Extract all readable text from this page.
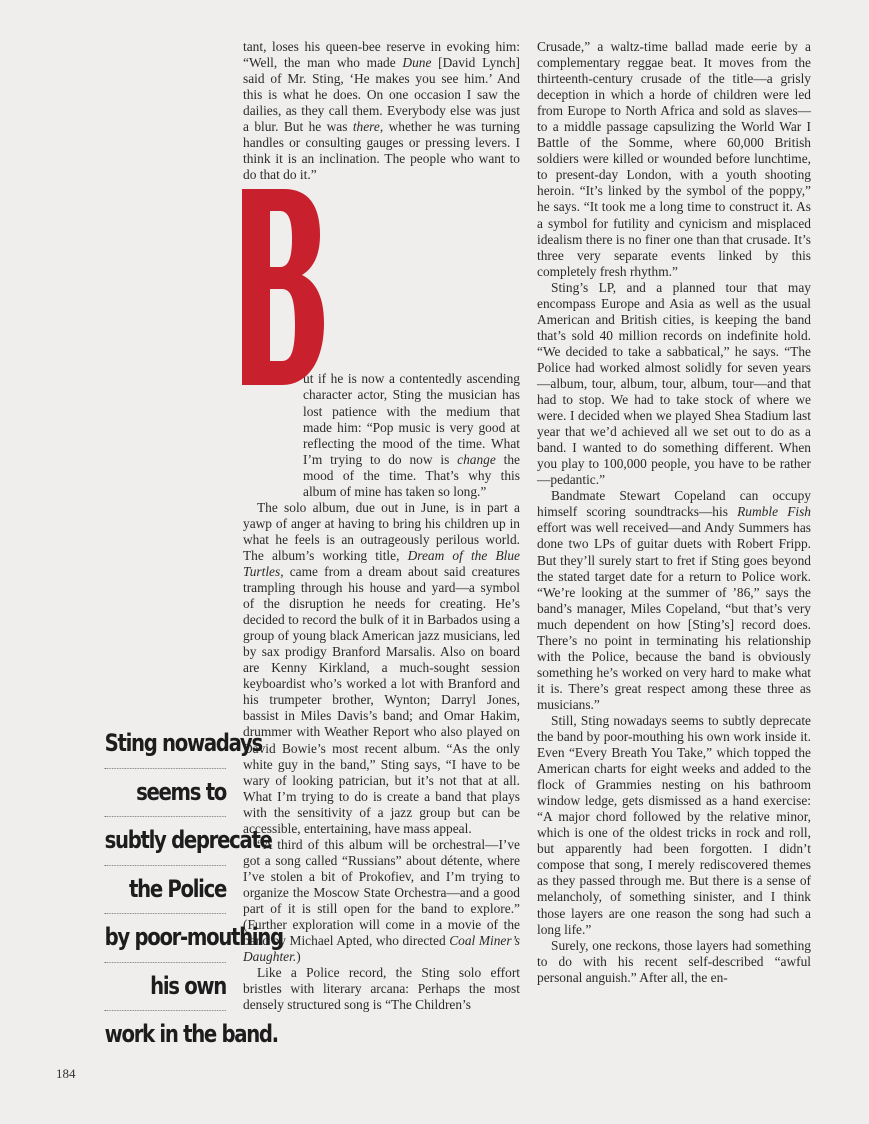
tant, loses his queen-bee reserve in evoking him: “Well, the man who made Dune [David Lynch] said of Mr. Sting, ‘He makes you see him.’ And this is what he does. On one occasion I saw the dailies, as they call them. Everybody else was just a blur. But he was there, whether he was turning handles or consulting gauges or pressing levers. I think it is an inclination. The people who want to do that do it.”

ut if he is now a contentedly ascending character actor, Sting the musician has lost patience with the medium that made him: “Pop music is very good at reflecting the mood of the time. What I’m trying to do now is change the mood of the time. That’s why this album of mine has taken so long.”

The solo album, due out in June, is in part a yawp of anger at having to bring his children up in what he feels is an outrageously perilous world. The album’s working title, Dream of the Blue Turtles, came from a dream about said creatures trampling through his house and yard—a symbol of the disruption he needs for creating. He’s decided to record the bulk of it in Barbados using a group of young black American jazz musicians, led by sax prodigy Branford Marsalis. Also on board are Kenny Kirkland, a much-sought session keyboardist who’s worked a lot with Branford and his trumpeter brother, Wynton; Darryl Jones, bassist in Miles Davis’s band; and Omar Hakim, drummer with Weather Report who also played on David Bowie’s most recent album. “As the only white guy in the band,” Sting says, “I have to be wary of looking patrician, but it’s not that at all. What I’m trying to do is create a band that plays with the sensitivity of a jazz group but can be accessible, entertaining, have mass appeal.

“A third of this album will be orchestral—I’ve got a song called “Russians” about détente, where I’ve stolen a bit of Prokofiev, and I’m trying to organize the Moscow State Orchestra—and a good part of it is still open for the band to explore.” (Further exploration will come in a movie of the band by Michael Apted, who directed Coal Miner’s Daughter.)

Like a Police record, the Sting solo effort bristles with literary arcana: Perhaps the most densely structured song is “The Children’s

Crusade,” a waltz-time ballad made eerie by a complementary reggae beat. It moves from the thirteenth-century crusade of the title—a grisly deception in which a horde of children were led from Europe to North Africa and sold as slaves—to a middle passage capsulizing the World War I Battle of the Somme, where 60,000 British soldiers were killed or wounded before lunchtime, to present-day London, with a youth shooting heroin. “It’s linked by the symbol of the poppy,” he says. “It took me a long time to construct it. As a symbol for futility and cynicism and misplaced idealism there is no finer one than that crusade. It’s three very separate events linked by this completely fresh rhythm.”

Sting’s LP, and a planned tour that may encompass Europe and Asia as well as the usual American and British cities, is keeping the band that’s sold 40 million records on indefinite hold. “We decided to take a sabbatical,” he says. “The Police had worked almost solidly for seven years—album, tour, album, tour, album, tour—and that had to stop. We had to take stock of where we were. I decided when we played Shea Stadium last year that we’d achieved all we set out to do as a band. I wanted to do something different. When you play to 100,000 people, you have to be rather—pedantic.”

Bandmate Stewart Copeland can occupy himself scoring soundtracks—his Rumble Fish effort was well received—and Andy Summers has done two LPs of guitar duets with Robert Fripp. But they’ll surely start to fret if Sting goes beyond the stated target date for a return to Police work. “We’re looking at the summer of ’86,” says the band’s manager, Miles Copeland, “but that’s very much dependent on how [Sting’s] record does. There’s no point in terminating his relationship with the Police, because the band is obviously something he’s worked on very hard to make what it is. There’s great respect among these three as musicians.”

Still, Sting nowadays seems to subtly deprecate the band by poor-mouthing his own work inside it. Even “Every Breath You Take,” which topped the American charts for eight weeks and added to the flock of Grammies nesting on his bathroom window ledge, gets dismissed as a hand exercise: “A major chord followed by the relative minor, which is one of the oldest tricks in rock and roll, but apparently had been forgotten. I didn’t compose that song, I merely rediscovered themes as they passed through me. But there is a sense of melancholy, of something sinister, and I think those layers are one reason the song had such a long life.”

Surely, one reckons, those layers had something to do with his recent self-described “awful personal anguish.” After all, the en-

Sting nowadays
seems to
subtly deprecate
the Police
by poor-mouthing
his own
work in the band.
184
